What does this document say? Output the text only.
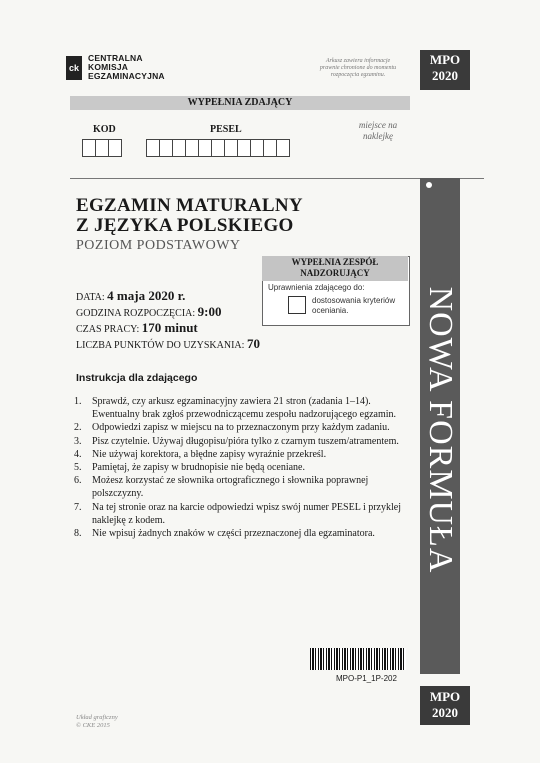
ck
CENTRALNA
KOMISJA
EGZAMINACYJNA
Arkusz zawiera informacje prawnie chronione do momentu rozpoczęcia egzaminu.
MPO
2020
WYPEŁNIA ZDAJĄCY
KOD	PESEL	miejsce na naklejkę
NOWA FORMUŁA
EGZAMIN MATURALNY
Z JĘZYKA POLSKIEGO
POZIOM PODSTAWOWY
DATA: 4 maja 2020 r.
GODZINA ROZPOCZĘCIA: 9:00
CZAS PRACY: 170 minut
LICZBA PUNKTÓW DO UZYSKANIA: 70
WYPEŁNIA ZESPÓŁ NADZORUJĄCY
Uprawnienia zdającego do:
dostosowania kryteriów oceniania.
Instrukcja dla zdającego
1. Sprawdź, czy arkusz egzaminacyjny zawiera 21 stron (zadania 1–14). Ewentualny brak zgłoś przewodniczącemu zespołu nadzorującego egzamin.
2. Odpowiedzi zapisz w miejscu na to przeznaczonym przy każdym zadaniu.
3. Pisz czytelnie. Używaj długopisu/pióra tylko z czarnym tuszem/atramentem.
4. Nie używaj korektora, a błędne zapisy wyraźnie przekreśl.
5. Pamiętaj, że zapisy w brudnopisie nie będą oceniane.
6. Możesz korzystać ze słownika ortograficznego i słownika poprawnej polszczyzny.
7. Na tej stronie oraz na karcie odpowiedzi wpisz swój numer PESEL i przyklej naklejkę z kodem.
8. Nie wpisuj żadnych znaków w części przeznaczonej dla egzaminatora.
MPO-P1_1P-202
MPO
2020
Układ graficzny
© CKE 2015
